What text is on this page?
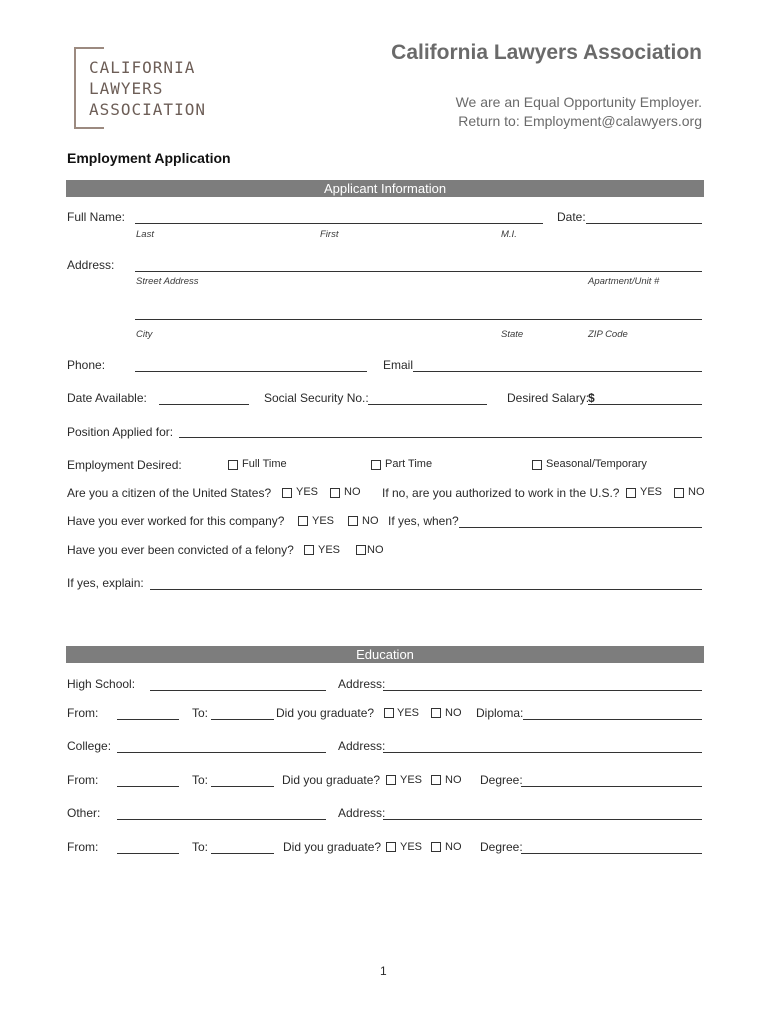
CALIFORNIA
LAWYERS
ASSOCIATION
California Lawyers Association
We are an Equal Opportunity Employer.
Return to: Employment@calawyers.org
Employment Application
Applicant Information
Full Name:	Date:
Last	First	M.I.
Address:
Street Address	Apartment/Unit #
City	State	ZIP Code
Phone:	Email
Date Available:	Social Security No.:	Desired Salary:
$
Position Applied for:
Employment Desired:	Full Time	Part Time	Seasonal/Temporary
Are you a citizen of the United States? YES NO If no, are you authorized to work in the U.S.? YES NO
Have you ever worked for this company?	YES	NO If yes, when?
Have you ever been convicted of a felony? YES NO
If yes, explain:
Education
High School:	Address:
From:	To:	Did you graduate? YES NO Diploma:
College:	Address:
From:	To:	Did you graduate? YES NO Degree:
Other:	Address:
From:	To:	Did you graduate? YES NO Degree:
1
